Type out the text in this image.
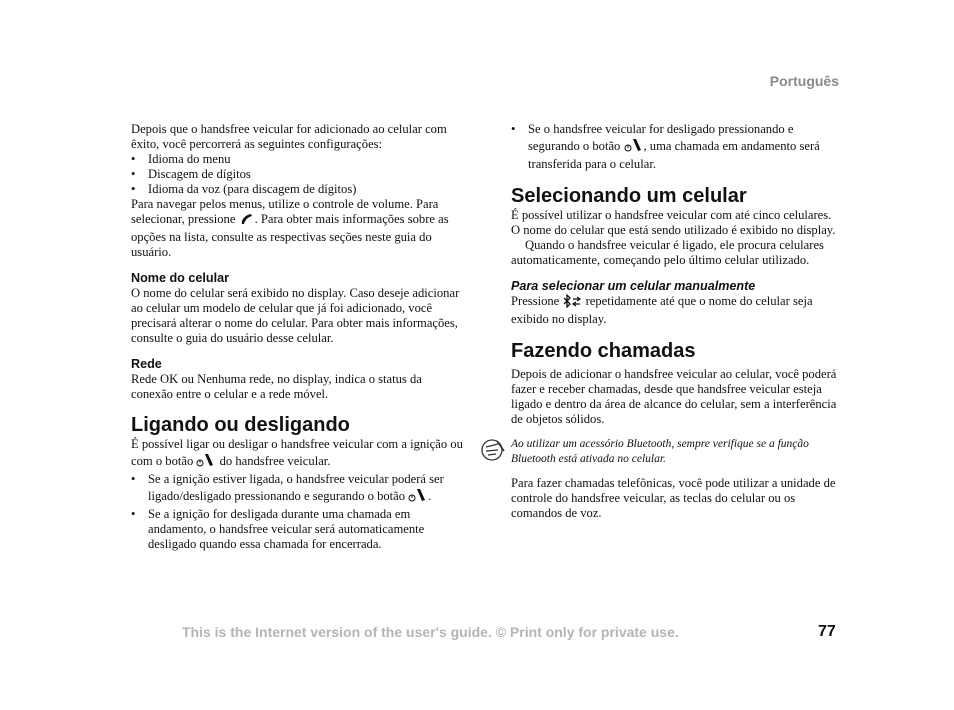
Português

Depois que o handsfree veicular for adicionado ao celular com êxito, você percorrerá as seguintes configurações:

• Idioma do menu
• Discagem de dígitos
• Idioma da voz (para discagem de dígitos)

Para navegar pelos menus, utilize o controle de volume. Para selecionar, pressione . Para obter mais informações sobre as opções na lista, consulte as respectivas seções neste guia do usuário.

Nome do celular

O nome do celular será exibido no display. Caso deseje adicionar ao celular um modelo de celular que já foi adicionado, você precisará alterar o nome do celular. Para obter mais informações, consulte o guia do usuário desse celular.

Rede

Rede OK ou Nenhuma rede, no display, indica o status da conexão entre o celular e a rede móvel.

Ligando ou desligando

É possível ligar ou desligar o handsfree veicular com a ignição ou com o botão do handsfree veicular.

• Se a ignição estiver ligada, o handsfree veicular poderá ser ligado/desligado pressionando e segurando o botão .
• Se a ignição for desligada durante uma chamada em andamento, o handsfree veicular será automaticamente desligado quando essa chamada for encerrada.
• Se o handsfree veicular for desligado pressionando e segurando o botão , uma chamada em andamento será transferida para o celular.

Selecionando um celular

É possível utilizar o handsfree veicular com até cinco celulares. O nome do celular que está sendo utilizado é exibido no display.

Quando o handsfree veicular é ligado, ele procura celulares automaticamente, começando pelo último celular utilizado.

Para selecionar um celular manualmente

Pressione repetidamente até que o nome do celular seja exibido no display.

Fazendo chamadas

Depois de adicionar o handsfree veicular ao celular, você poderá fazer e receber chamadas, desde que handsfree veicular esteja ligado e dentro da área de alcance do celular, sem a interferência de objetos sólidos.

Ao utilizar um acessório Bluetooth, sempre verifique se a função Bluetooth está ativada no celular.

Para fazer chamadas telefônicas, você pode utilizar a unidade de controle do handsfree veicular, as teclas do celular ou os comandos de voz.

This is the Internet version of the user's guide. © Print only for private use.	77
